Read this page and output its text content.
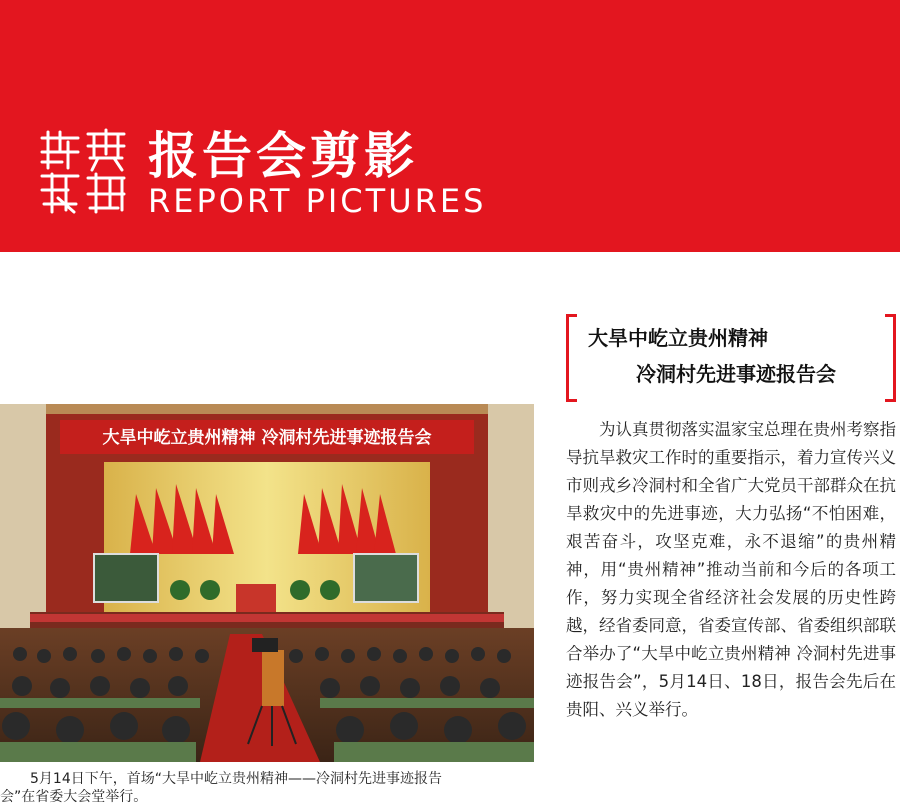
报告会剪影
REPORT PICTURES
大旱中屹立贵州精神
冷洞村先进事迹报告会

为认真贯彻落实温家宝总理在贵州考察指导抗旱救灾工作时的重要指示，着力宣传兴义市则戎乡冷洞村和全省广大党员干部群众在抗旱救灾中的先进事迹，大力弘扬“不怕困难，艰苦奋斗，攻坚克难，永不退缩”的贵州精神，用“贵州精神”推动当前和今后的各项工作，努力实现全省经济社会发展的历史性跨越，经省委同意，省委宣传部、省委组织部联合举办了“大旱中屹立贵州精神 冷洞村先进事迹报告会”，5月14日、18日，报告会先后在贵阳、兴义举行。

大旱中屹立贵州精神 冷洞村先进事迹报告会

5月14日下午，首场“大旱中屹立贵州精神——冷洞村先进事迹报告
会”在省委大会堂举行。
